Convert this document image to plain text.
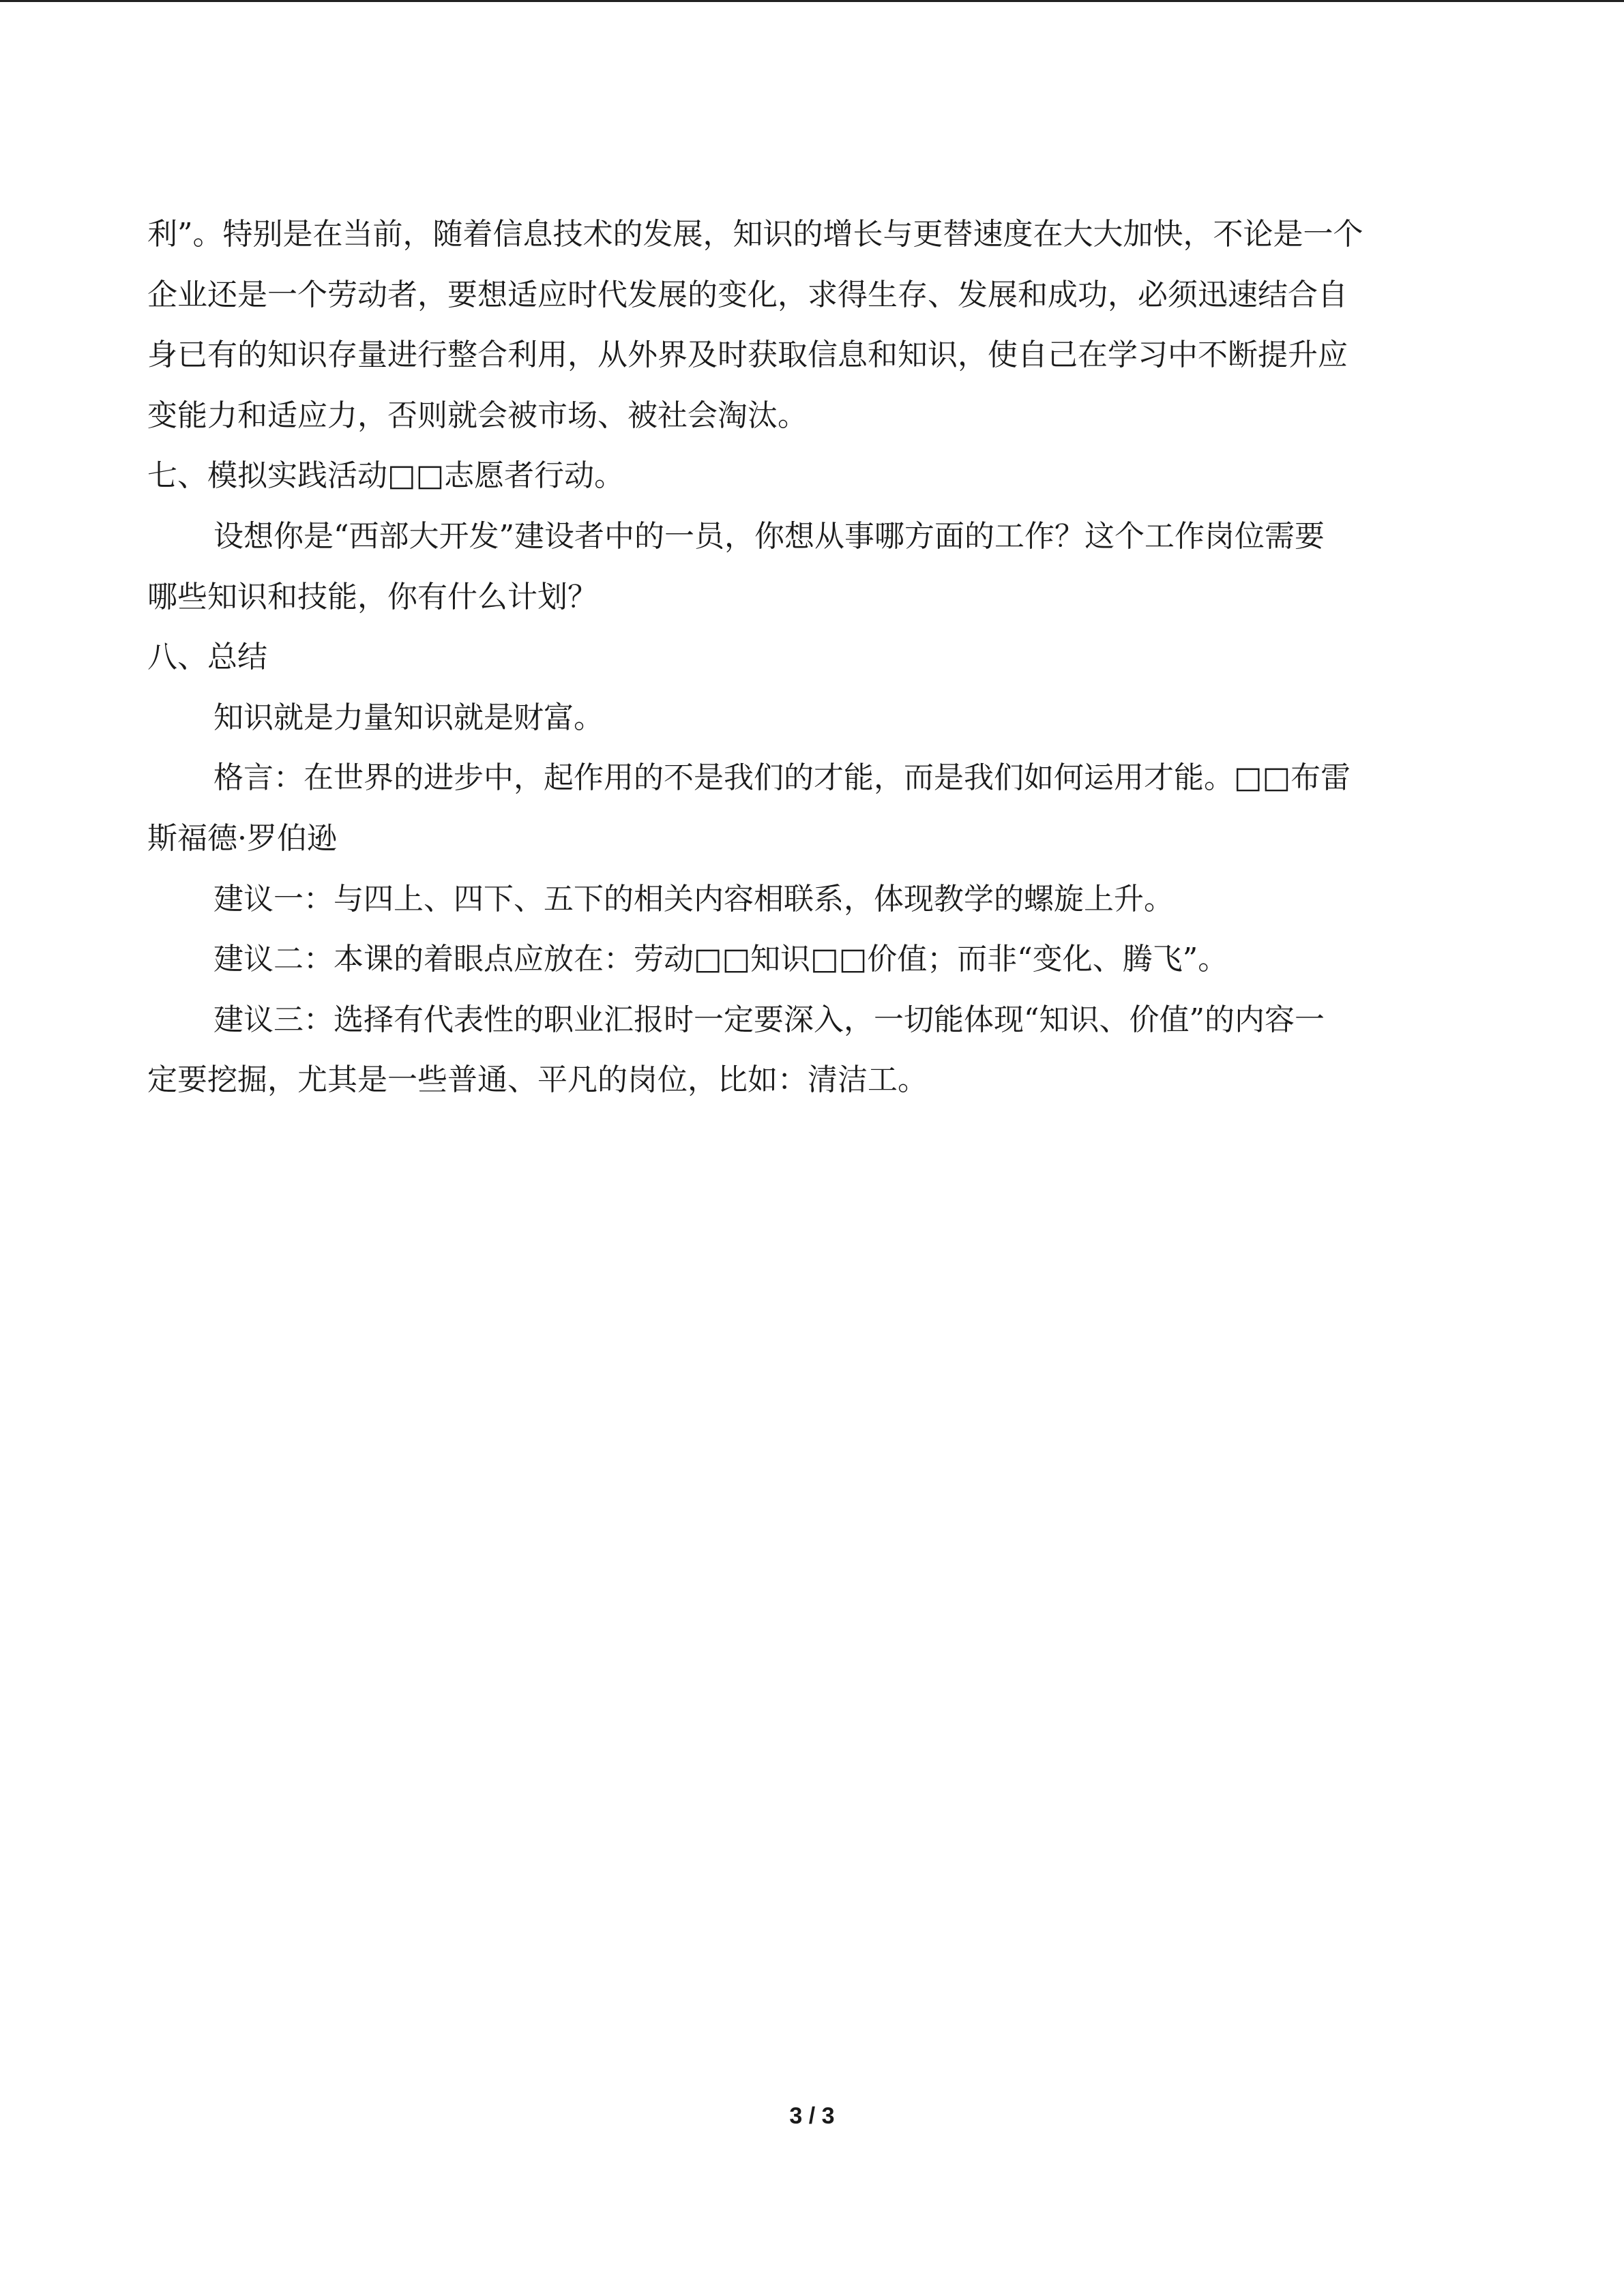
利”。特别是在当前，随着信息技术的发展，知识的增长与更替速度在大大加快，不论是一个
企业还是一个劳动者，要想适应时代发展的变化，求得生存、发展和成功，必须迅速结合自
身已有的知识存量进行整合利用，从外界及时获取信息和知识，使自己在学习中不断提升应
变能力和适应力，否则就会被市场、被社会淘汰。
七、模拟实践活动□□志愿者行动。
设想你是“西部大开发”建设者中的一员，你想从事哪方面的工作？这个工作岗位需要
哪些知识和技能，你有什么计划？
八、总结
知识就是力量知识就是财富。
格言：在世界的进步中，起作用的不是我们的才能，而是我们如何运用才能。□□布雷
斯福德·罗伯逊
建议一：与四上、四下、五下的相关内容相联系，体现教学的螺旋上升。
建议二：本课的着眼点应放在：劳动□□知识□□价值；而非“变化、腾飞”。
建议三：选择有代表性的职业汇报时一定要深入，一切能体现“知识、价值”的内容一
定要挖掘，尤其是一些普通、平凡的岗位，比如：清洁工。
3 / 3
